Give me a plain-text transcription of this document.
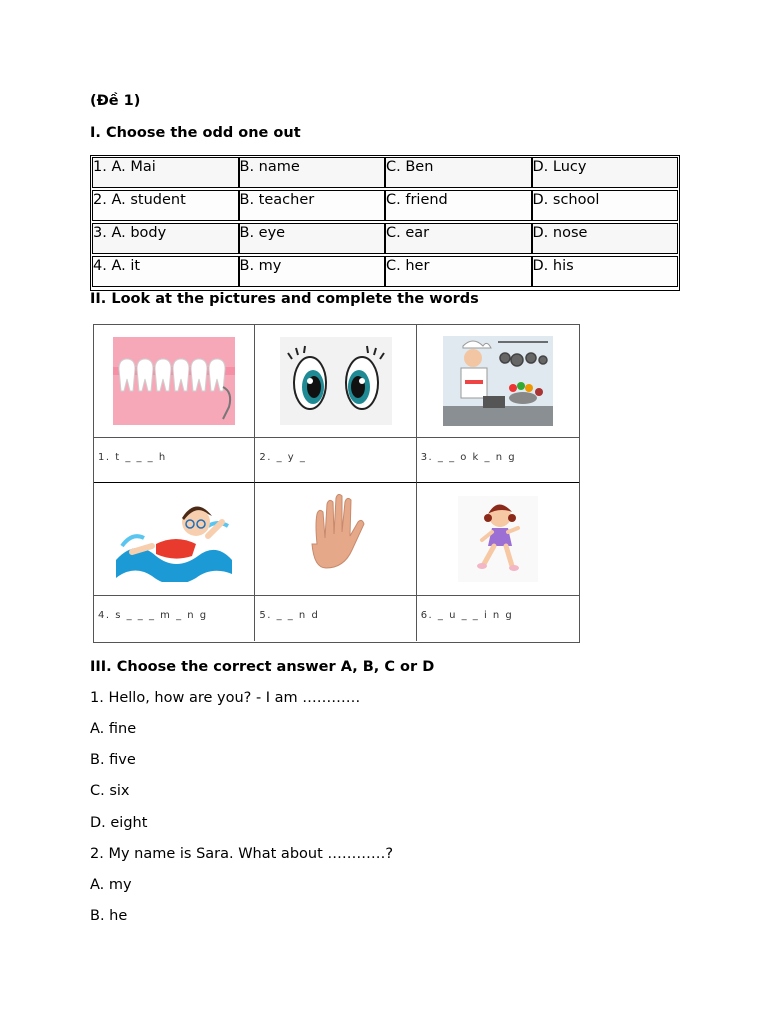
(Đề 1)
I. Choose the odd one out
1. A. Mai	B. name	C. Ben	D. Lucy
2. A. student	B. teacher	C. friend	D. school
3. A. body	B. eye	C. ear	D. nose
4. A. it	B. my	C. her	D. his
II. Look at the pictures and complete the words
1. t _ _ _ h	2. _ y _	3. _ _ o k _ n g
4. s _ _ _ m _ n g	5. _ _ n d	6. _ u _ _ i n g
III. Choose the correct answer A, B, C or D
1. Hello, how are you? - I am …………
A. fine
B. five
C. six
D. eight
2. My name is Sara. What about …………?
A. my
B. he
